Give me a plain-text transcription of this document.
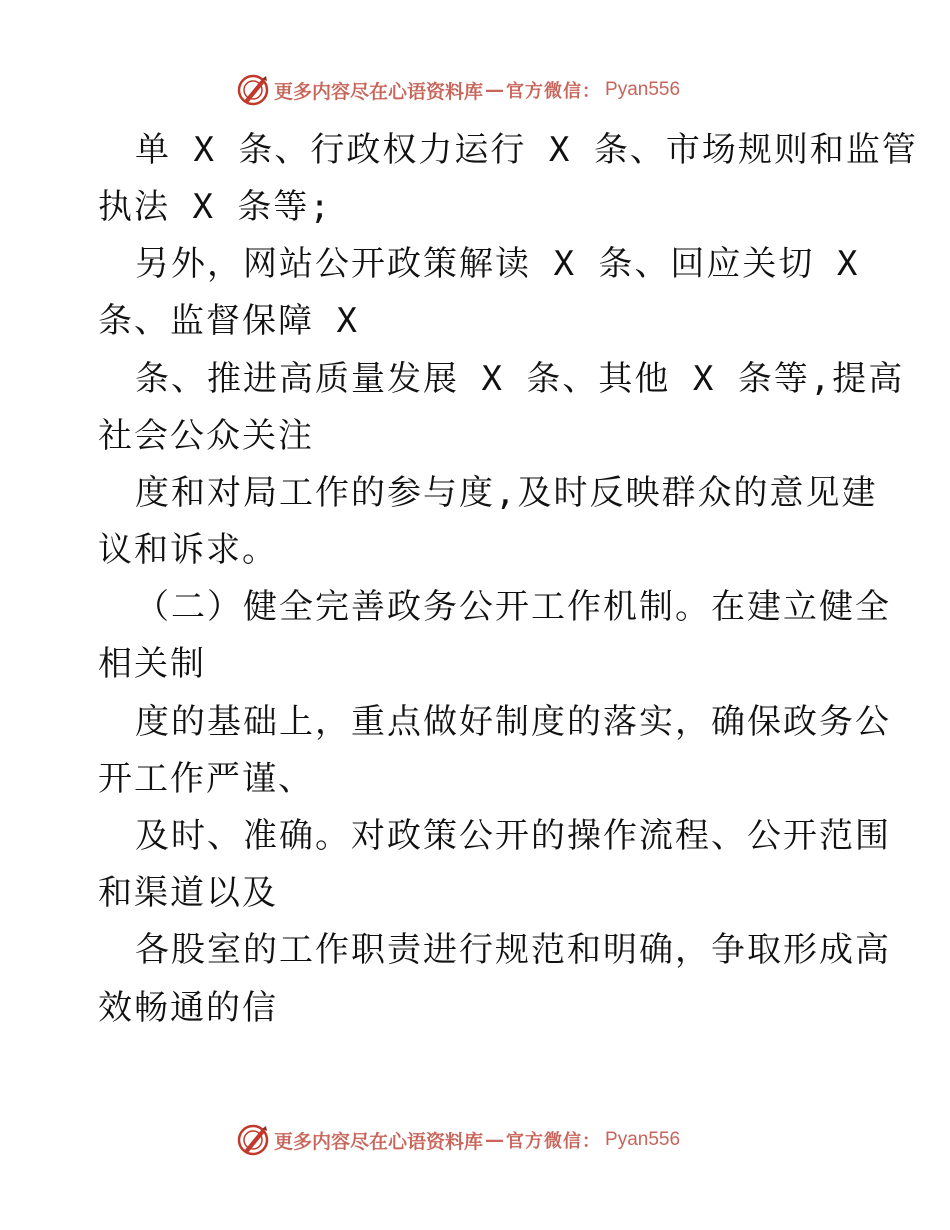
更多内容尽在心语资料库 — 官方微信： Pyan556
单 X 条、行政权力运行 X 条、市场规则和监管
执法 X 条等;
另外，网站公开政策解读 X 条、回应关切 X
条、监督保障 X
条、推进高质量发展 X 条、其他 X 条等,提高
社会公众关注
度和对局工作的参与度,及时反映群众的意见建
议和诉求。
（二）健全完善政务公开工作机制。在建立健全
相关制
度的基础上，重点做好制度的落实，确保政务公
开工作严谨、
及时、准确。对政策公开的操作流程、公开范围
和渠道以及
各股室的工作职责进行规范和明确，争取形成高
效畅通的信
更多内容尽在心语资料库 — 官方微信： Pyan556
